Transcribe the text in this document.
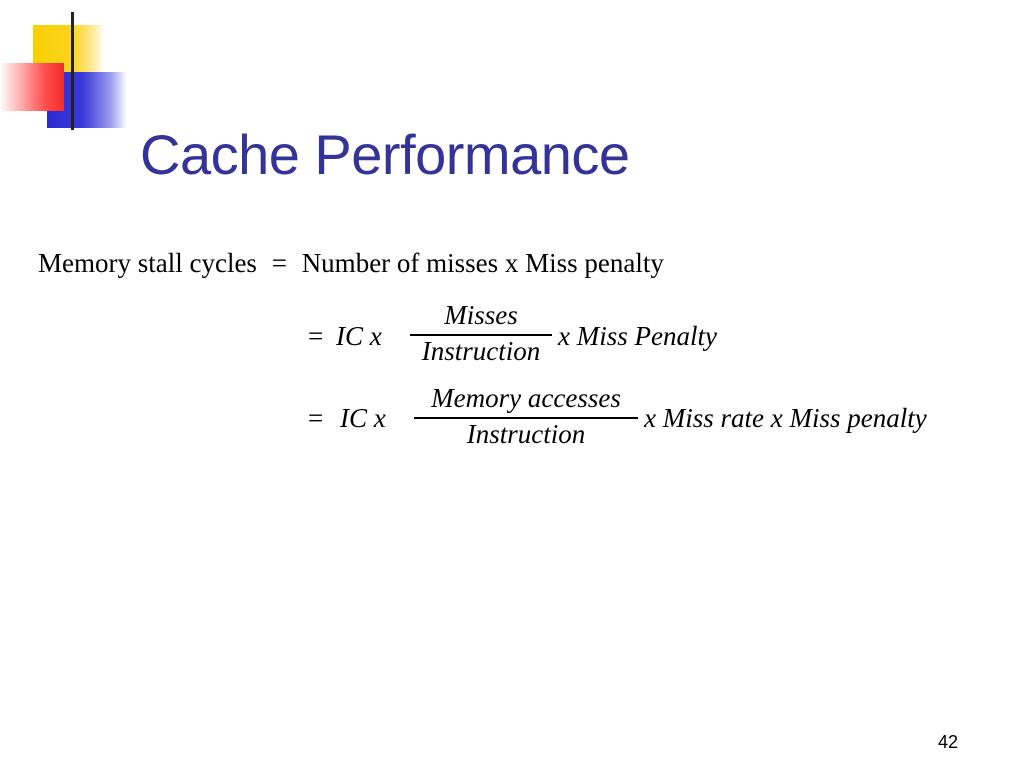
Cache Performance
Memory stall cycles = Number of misses x Miss penalty
= IC x
Misses
Instruction x Miss Penalty
= IC x
Memory accesses
Instruction
x Miss rate x Miss penalty
42
